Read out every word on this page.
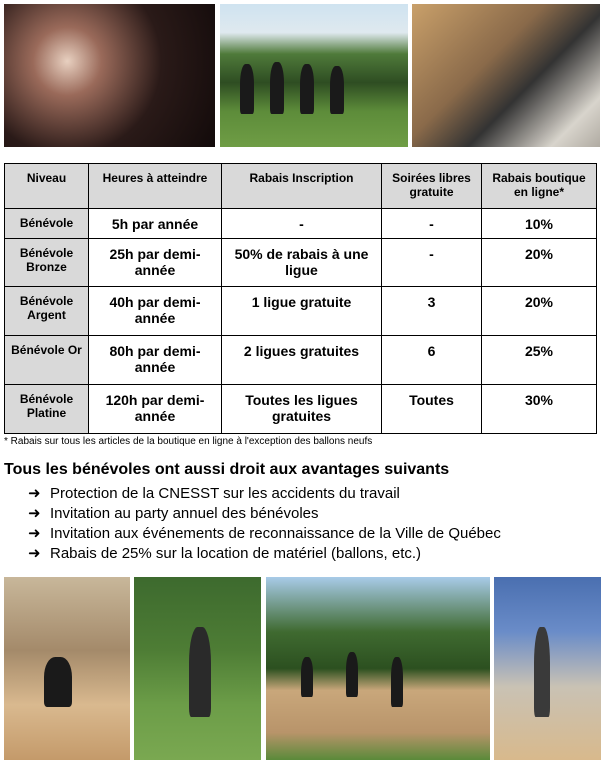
Niveau	Heures à atteindre	Rabais Inscription	Soirées libres gratuite	Rabais boutique en ligne*
Bénévole	5h par année	-	-	10%
Bénévole Bronze	25h par demi-année	50% de rabais à une ligue	-	20%
Bénévole Argent	40h par demi-année	1 ligue gratuite	3	20%
Bénévole Or	80h par demi-année	2 ligues gratuites	6	25%
Bénévole Platine	120h par demi-année	Toutes les ligues gratuites	Toutes	30%
* Rabais sur tous les articles de la boutique en ligne à l'exception des ballons neufs
Tous les bénévoles ont aussi droit aux avantages suivants
➜ Protection de la CNESST sur les accidents du travail
➜ Invitation au party annuel des bénévoles
➜ Invitation aux événements de reconnaissance de la Ville de Québec
➜ Rabais de 25% sur la location de matériel (ballons, etc.)
